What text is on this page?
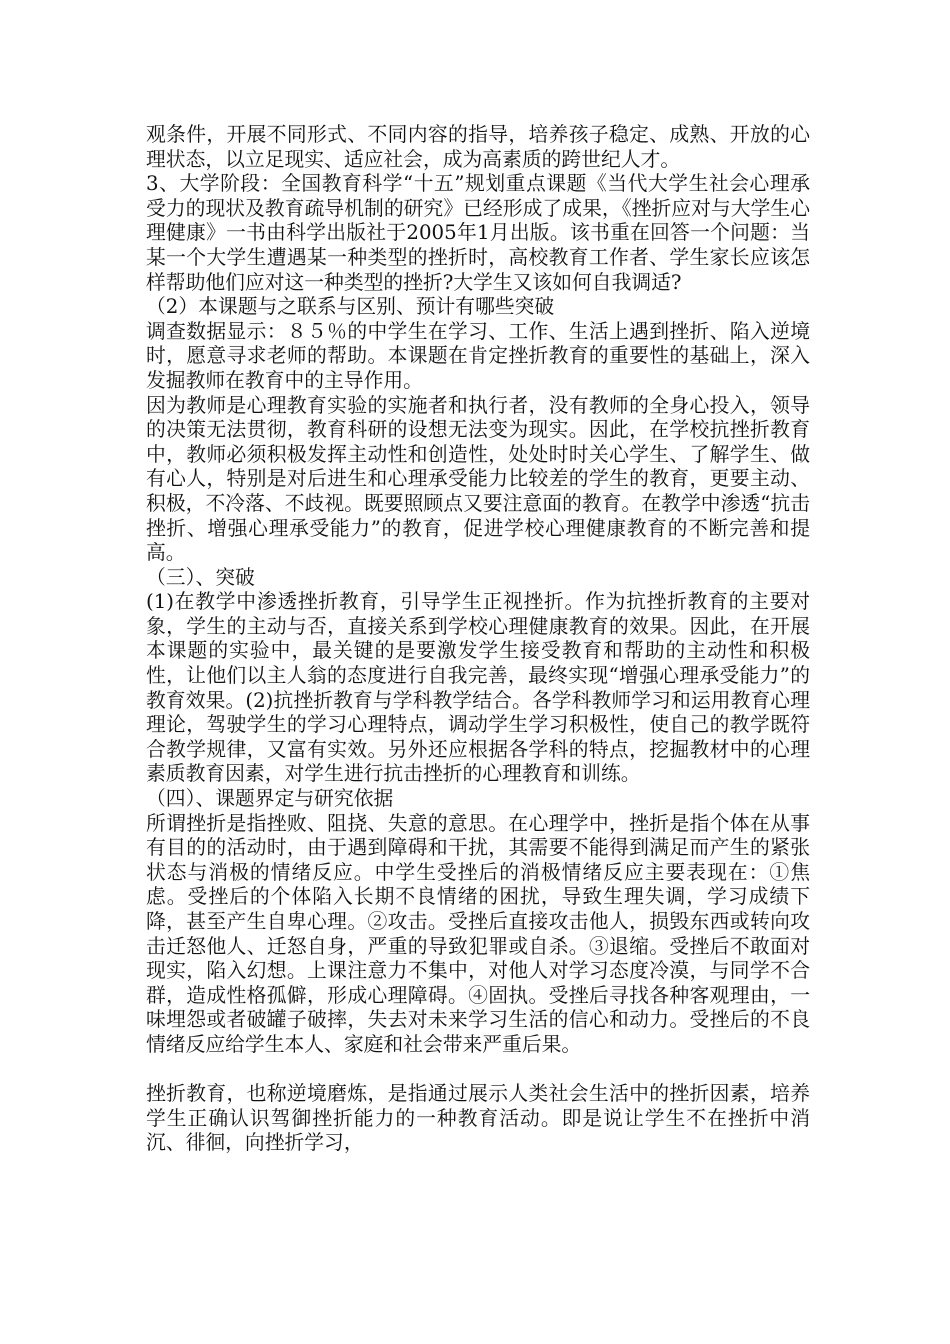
观条件，开展不同形式、不同内容的指导，培养孩子稳定、成熟、开放的心理状态，以立足现实、适应社会，成为高素质的跨世纪人才。

3、大学阶段：全国教育科学“十五”规划重点课题《当代大学生社会心理承受力的现状及教育疏导机制的研究》已经形成了成果，《挫折应对与大学生心理健康》一书由科学出版社于2005年1月出版。该书重在回答一个问题：当某一个大学生遭遇某一种类型的挫折时，高校教育工作者、学生家长应该怎样帮助他们应对这一种类型的挫折?大学生又该如何自我调适?

（2）本课题与之联系与区别、预计有哪些突破

调查数据显示：８５％的中学生在学习、工作、生活上遇到挫折、陷入逆境时，愿意寻求老师的帮助。本课题在肯定挫折教育的重要性的基础上，深入发掘教师在教育中的主导作用。

因为教师是心理教育实验的实施者和执行者，没有教师的全身心投入，领导的决策无法贯彻，教育科研的设想无法变为现实。因此，在学校抗挫折教育中，教师必须积极发挥主动性和创造性，处处时时关心学生、了解学生、做有心人，特别是对后进生和心理承受能力比较差的学生的教育，更要主动、积极，不冷落、不歧视。既要照顾点又要注意面的教育。在教学中渗透“抗击挫折、增强心理承受能力”的教育，促进学校心理健康教育的不断完善和提高。

（三）、突破

(1)在教学中渗透挫折教育，引导学生正视挫折。作为抗挫折教育的主要对象，学生的主动与否，直接关系到学校心理健康教育的效果。因此，在开展本课题的实验中，最关键的是要激发学生接受教育和帮助的主动性和积极性，让他们以主人翁的态度进行自我完善，最终实现“增强心理承受能力”的教育效果。(2)抗挫折教育与学科教学结合。各学科教师学习和运用教育心理理论，驾驶学生的学习心理特点，调动学生学习积极性，使自己的教学既符合教学规律，又富有实效。另外还应根据各学科的特点，挖掘教材中的心理素质教育因素，对学生进行抗击挫折的心理教育和训练。

（四）、课题界定与研究依据

所谓挫折是指挫败、阻挠、失意的意思。在心理学中，挫折是指个体在从事有目的的活动时，由于遇到障碍和干扰，其需要不能得到满足而产生的紧张状态与消极的情绪反应。中学生受挫后的消极情绪反应主要表现在：①焦虑。受挫后的个体陷入长期不良情绪的困扰，导致生理失调，学习成绩下降，甚至产生自卑心理。②攻击。受挫后直接攻击他人，损毁东西或转向攻击迁怒他人、迁怒自身，严重的导致犯罪或自杀。③退缩。受挫后不敢面对现实，陷入幻想。上课注意力不集中，对他人对学习态度冷漠，与同学不合群，造成性格孤僻，形成心理障碍。④固执。受挫后寻找各种客观理由，一味埋怨或者破罐子破摔，失去对未来学习生活的信心和动力。受挫后的不良情绪反应给学生本人、家庭和社会带来严重后果。

挫折教育，也称逆境磨炼，是指通过展示人类社会生活中的挫折因素，培养学生正确认识驾御挫折能力的一种教育活动。即是说让学生不在挫折中消沉、徘徊，向挫折学习，
